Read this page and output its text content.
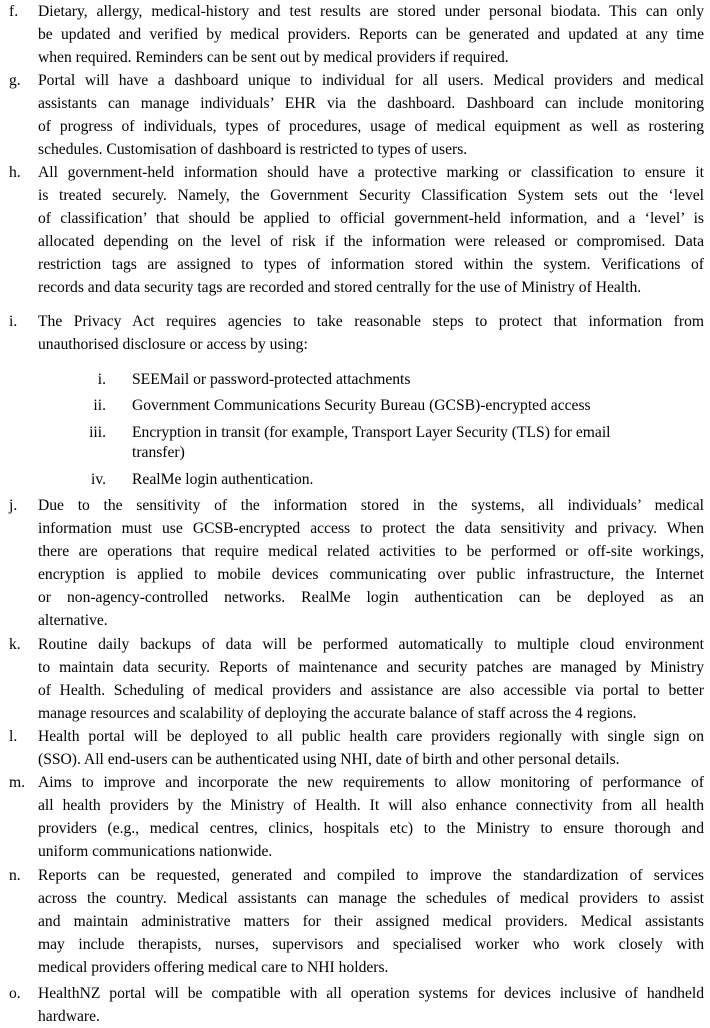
f. Dietary, allergy, medical-history and test results are stored under personal biodata. This can only
be updated and verified by medical providers. Reports can be generated and updated at any time
when required. Reminders can be sent out by medical providers if required.
g. Portal will have a dashboard unique to individual for all users. Medical providers and medical
assistants can manage individuals’ EHR via the dashboard. Dashboard can include monitoring
of progress of individuals, types of procedures, usage of medical equipment as well as rostering
schedules. Customisation of dashboard is restricted to types of users.
h. All government-held information should have a protective marking or classification to ensure it
is treated securely. Namely, the Government Security Classification System sets out the ‘level
of classification’ that should be applied to official government-held information, and a ‘level’ is
allocated depending on the level of risk if the information were released or compromised. Data
restriction tags are assigned to types of information stored within the system. Verifications of
records and data security tags are recorded and stored centrally for the use of Ministry of Health.
i. The Privacy Act requires agencies to take reasonable steps to protect that information from
unauthorised disclosure or access by using:
i. SEEMail or password-protected attachments
ii. Government Communications Security Bureau (GCSB)-encrypted access
iii. Encryption in transit (for example, Transport Layer Security (TLS) for email
transfer)
iv. RealMe login authentication.
j. Due to the sensitivity of the information stored in the systems, all individuals’ medical
information must use GCSB-encrypted access to protect the data sensitivity and privacy. When
there are operations that require medical related activities to be performed or off-site workings,
encryption is applied to mobile devices communicating over public infrastructure, the Internet
or non-agency-controlled networks. RealMe login authentication can be deployed as an
alternative.
k. Routine daily backups of data will be performed automatically to multiple cloud environment
to maintain data security. Reports of maintenance and security patches are managed by Ministry
of Health. Scheduling of medical providers and assistance are also accessible via portal to better
manage resources and scalability of deploying the accurate balance of staff across the 4 regions.
l. Health portal will be deployed to all public health care providers regionally with single sign on
(SSO). All end-users can be authenticated using NHI, date of birth and other personal details.
m. Aims to improve and incorporate the new requirements to allow monitoring of performance of
all health providers by the Ministry of Health. It will also enhance connectivity from all health
providers (e.g., medical centres, clinics, hospitals etc) to the Ministry to ensure thorough and
uniform communications nationwide.
n. Reports can be requested, generated and compiled to improve the standardization of services
across the country. Medical assistants can manage the schedules of medical providers to assist
and maintain administrative matters for their assigned medical providers. Medical assistants
may include therapists, nurses, supervisors and specialised worker who work closely with
medical providers offering medical care to NHI holders.
o. HealthNZ portal will be compatible with all operation systems for devices inclusive of handheld
hardware.
